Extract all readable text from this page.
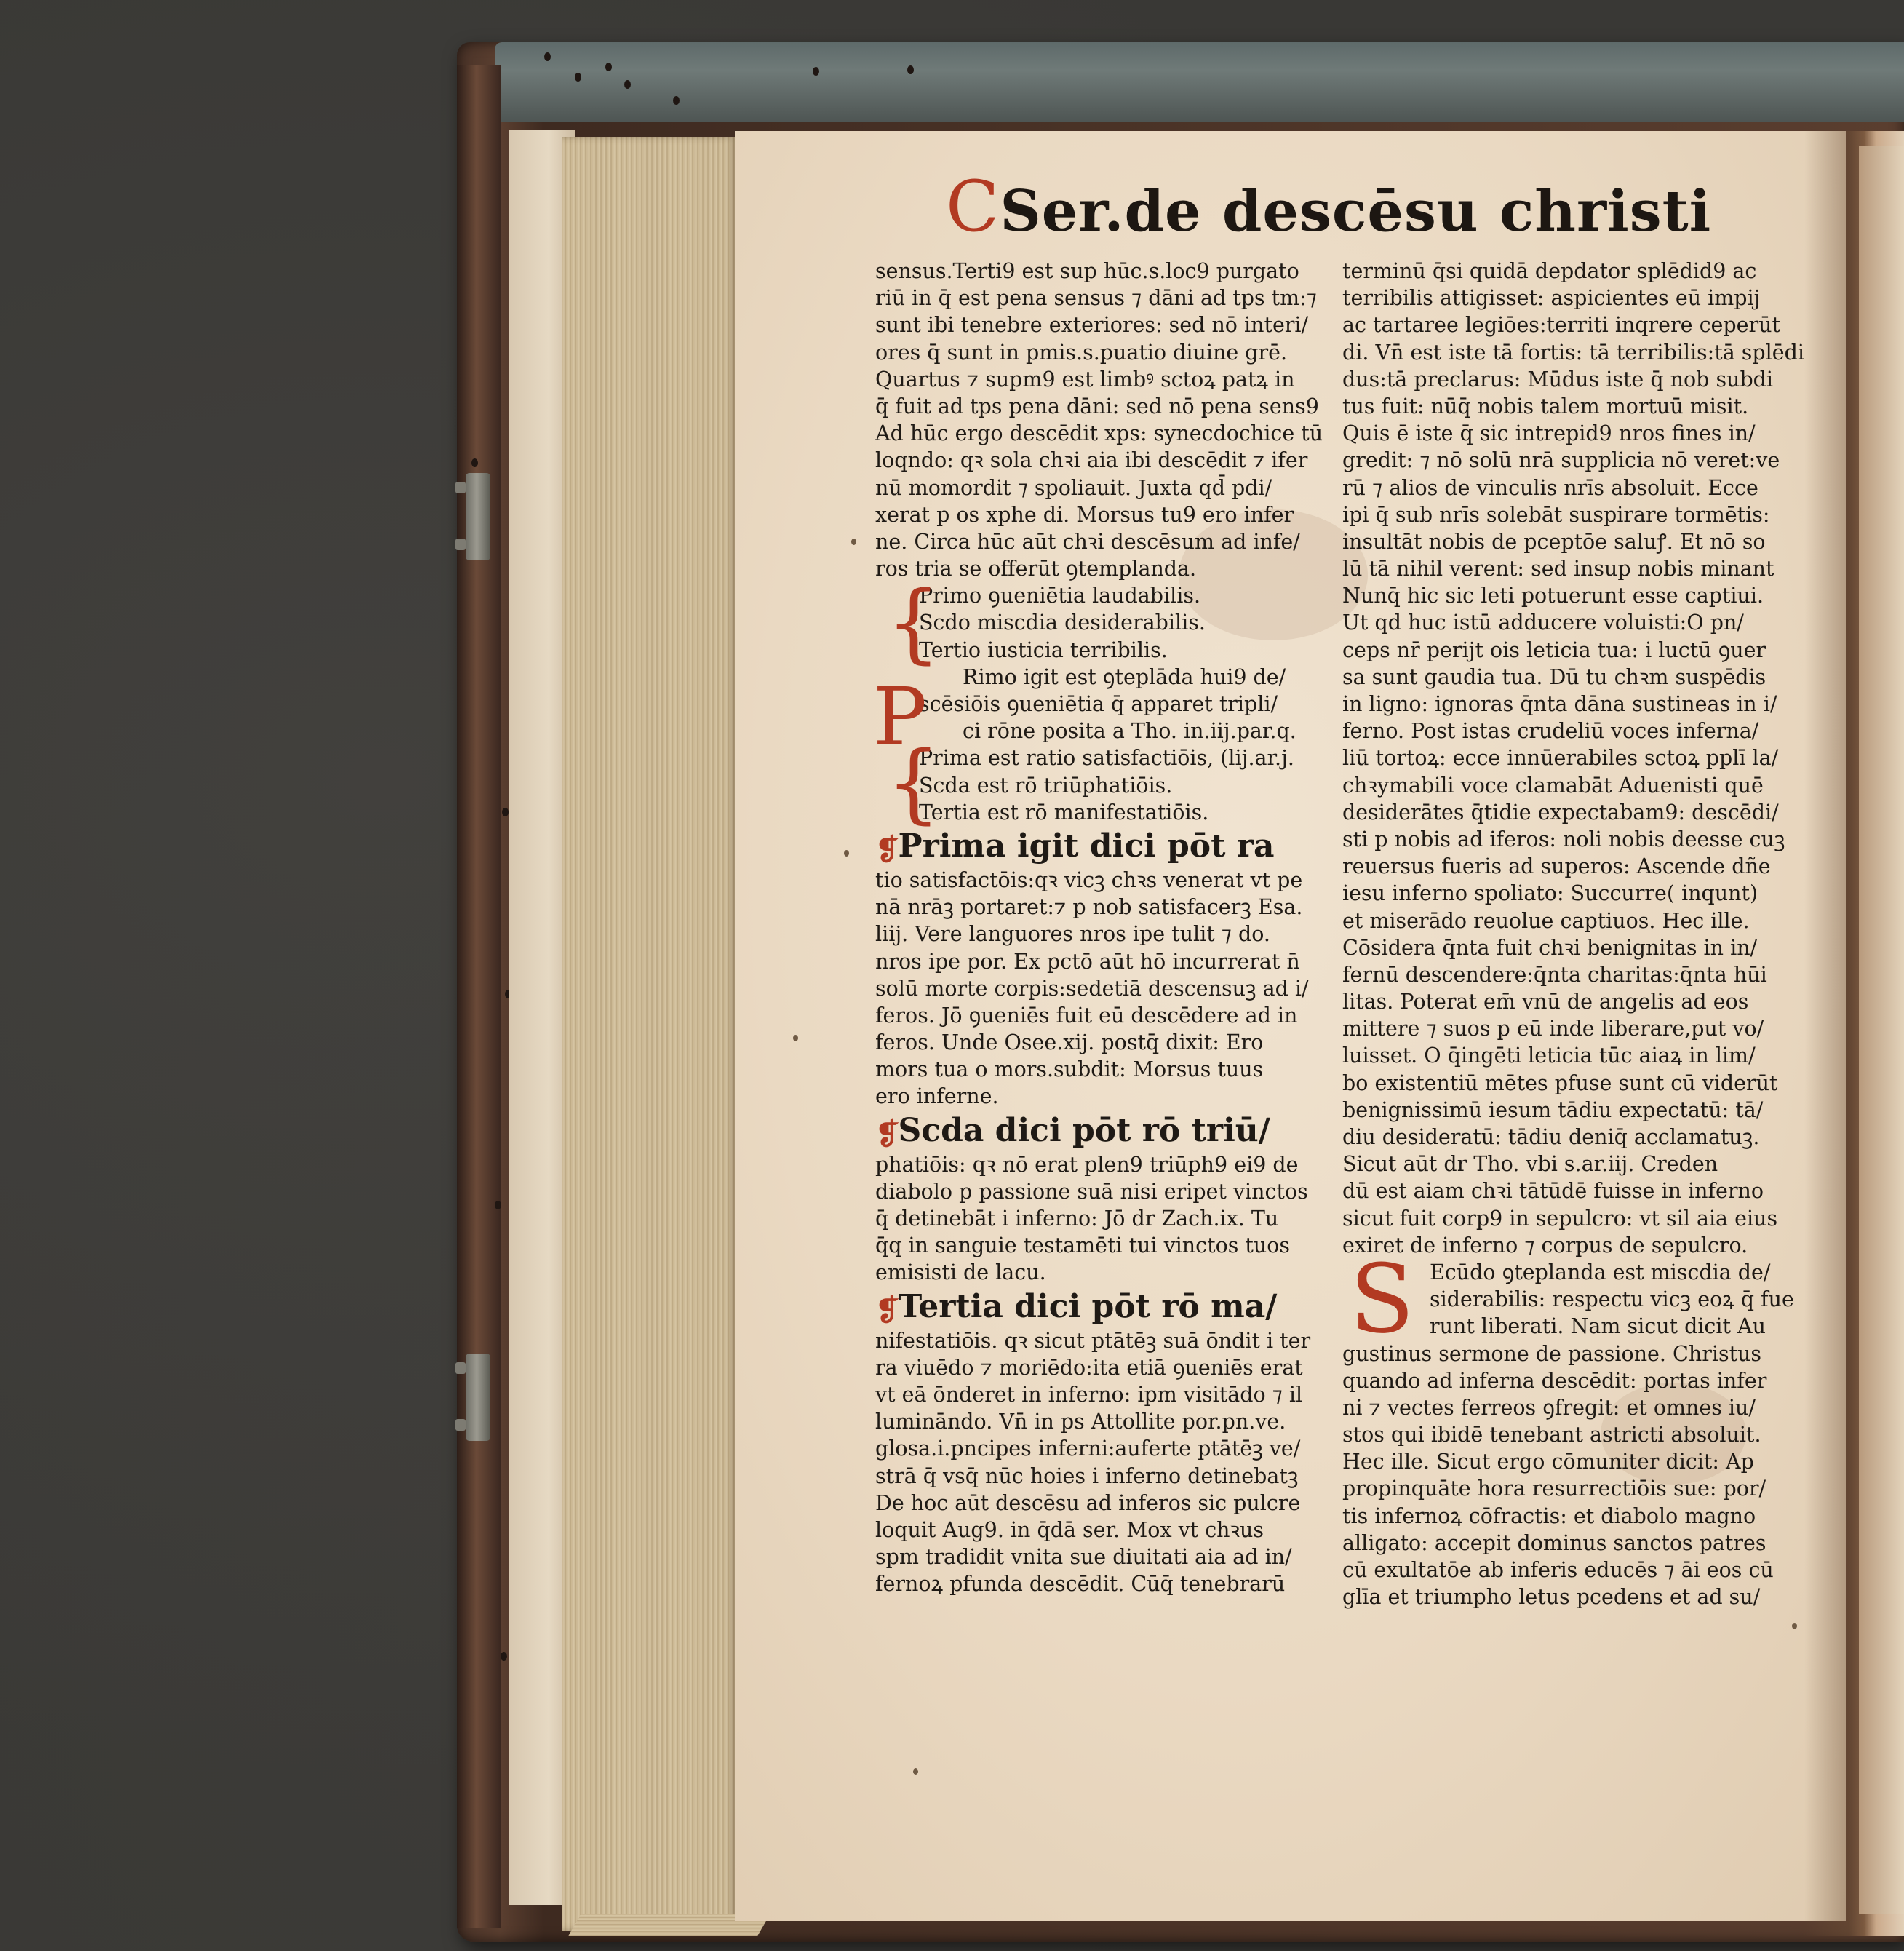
CSer.de descēsu christi
sensus.Terti9 est sup hūc.s.loc9 purgato
riū in q̄ est pena sensus ⁊ dāni ad tps tm:⁊
sunt ibi tenebre exteriores: sed nō interi/
ores q̄ sunt in pmis.s.puatio diuine grē.
Quartus ⁊ supm9 est limbꝰ sctoꝝ patꝝ in
q̄ fuit ad tps pena dāni: sed nō pena sens9
Ad hūc ergo descēdit xps: synecdochice tū
loqndo: qꝛ sola chꝛi aia ibi descēdit ⁊ ifer
nū momordit ⁊ spoliauit. Juxta qd̄ pdi/
xerat p os xphe di. Morsus tu9 ero infer
ne. Circa hūc aūt chꝛi descēsum ad infe/
ros tria se offerūt ꝯtemplanda.
Primo ꝯueniētia laudabilis.
Scdo miscdia desiderabilis.
Tertio iusticia terribilis.
Rimo igit est ꝯteplāda hui9 de/
scēsiōis ꝯueniētia q̄ apparet tripli/
ci rōne posita a Tho. in.iij.par.q.
Prima est ratio satisfactiōis, (lij.ar.j.
Scda est rō triūphatiōis.
Tertia est rō manifestatiōis.
❡Prima igit dici pōt ra
tio satisfactōis:qꝛ vicꝫ chꝛs venerat vt pe
nā nrāꝫ portaret:⁊ p nob satisfacerꝫ Esa.
liij. Vere languores nros ipe tulit ⁊ do.
nros ipe por. Ex pctō aūt hō incurrerat n̄
solū morte corpis:sedetiā descensuꝫ ad i/
feros. Jō ꝯueniēs fuit eū descēdere ad in
feros. Unde Osee.xij. postq̄ dixit: Ero
mors tua o mors.subdit: Morsus tuus
ero inferne.
❡Scda dici pōt rō triū/
phatiōis: qꝛ nō erat plen9 triūph9 ei9 de
diabolo p passione suā nisi eripet vinctos
q̄ detinebāt i inferno: Jō dr Zach.ix. Tu
q̄q in sanguie testamēti tui vinctos tuos
emisisti de lacu.
❡Tertia dici pōt rō ma/
nifestatiōis. qꝛ sicut ptātēꝫ suā ōndit i ter
ra viuēdo ⁊ moriēdo:ita etiā ꝯueniēs erat
vt eā ōnderet in inferno: ipm visitādo ⁊ il
lumināndo. Vn̄ in ps Attollite por.pn.ve.
glosa.i.pncipes inferni:auferte ptātēꝫ ve/
strā q̄ vsq̄ nūc hoies i inferno detinebatꝫ
De hoc aūt descēsu ad inferos sic pulcre
loquit Aug9. in q̄dā ser. Mox vt chꝛus
spm tradidit vnita sue diuitati aia ad in/
fernoꝝ pfunda descēdit. Cūq̄ tenebrarū
{
{
P
terminū q̄si quidā depdator splēdid9 ac
terribilis attigisset: aspicientes eū impij
ac tartaree legiōes:territi inqrere ceperūt
di. Vn̄ est iste tā fortis: tā terribilis:tā splēdi
dus:tā preclarus: Mūdus iste q̄ nob subdi
tus fuit: nūq̄ nobis talem mortuū misit.
Quis ē iste q̄ sic intrepid9 nros fines in/
gredit: ⁊ nō solū nrā supplicia nō veret:ve
rū ⁊ alios de vinculis nrīs absoluit. Ecce
ipi q̄ sub nrīs solebāt suspirare tormētis:
insultāt nobis de pceptōe saluꝭ. Et nō so
lū tā nihil verent: sed insup nobis minant
Nunq̄ hic sic leti potuerunt esse captiui.
Ut qd huc istū adducere voluisti:O pn/
ceps nr̄ perijt ois leticia tua: i luctū ꝯuer
sa sunt gaudia tua. Dū tu chꝛm suspēdis
in ligno: ignoras q̄nta dāna sustineas in i/
ferno. Post istas crudeliū voces inferna/
liū tortoꝝ: ecce innūerabiles sctoꝝ pplī la/
chꝛymabili voce clamabāt Aduenisti quē
desiderātes q̄tidie expectabam9: descēdi/
sti p nobis ad iferos: noli nobis deesse cuꝫ
reuersus fueris ad superos: Ascende dñe
iesu inferno spoliato: Succurre( inqunt)
et miserādo reuolue captiuos. Hec ille.
Cōsidera q̄nta fuit chꝛi benignitas in in/
fernū descendere:q̄nta charitas:q̄nta hūi
litas. Poterat em̄ vnū de angelis ad eos
mittere ⁊ suos p eū inde liberare,put vo/
luisset. O q̄ingēti leticia tūc aiaꝝ in lim/
bo existentiū mētes pfuse sunt cū viderūt
benignissimū iesum tādiu expectatū: tā/
diu desideratū: tādiu deniq̄ acclamatuꝫ.
Sicut aūt dr Tho. vbi s.ar.iij. Creden
dū est aiam chꝛi tātūdē fuisse in inferno
sicut fuit corp9 in sepulcro: vt sil aia eius
exiret de inferno ⁊ corpus de sepulcro.
Ecūdo ꝯteplanda est miscdia de/
siderabilis: respectu vicꝫ eoꝝ q̄ fue
runt liberati. Nam sicut dicit Au
gustinus sermone de passione. Christus
quando ad inferna descēdit: portas infer
ni ⁊ vectes ferreos ꝯfregit: et omnes iu/
stos qui ibidē tenebant astricti absoluit.
Hec ille. Sicut ergo cōmuniter dicit: Ap
propinquāte hora resurrectiōis sue: por/
tis infernoꝝ cōfractis: et diabolo magno
alligato: accepit dominus sanctos patres
cū exultatōe ab inferis educēs ⁊ āi eos cū
glīa et triumpho letus pcedens et ad su/
S
